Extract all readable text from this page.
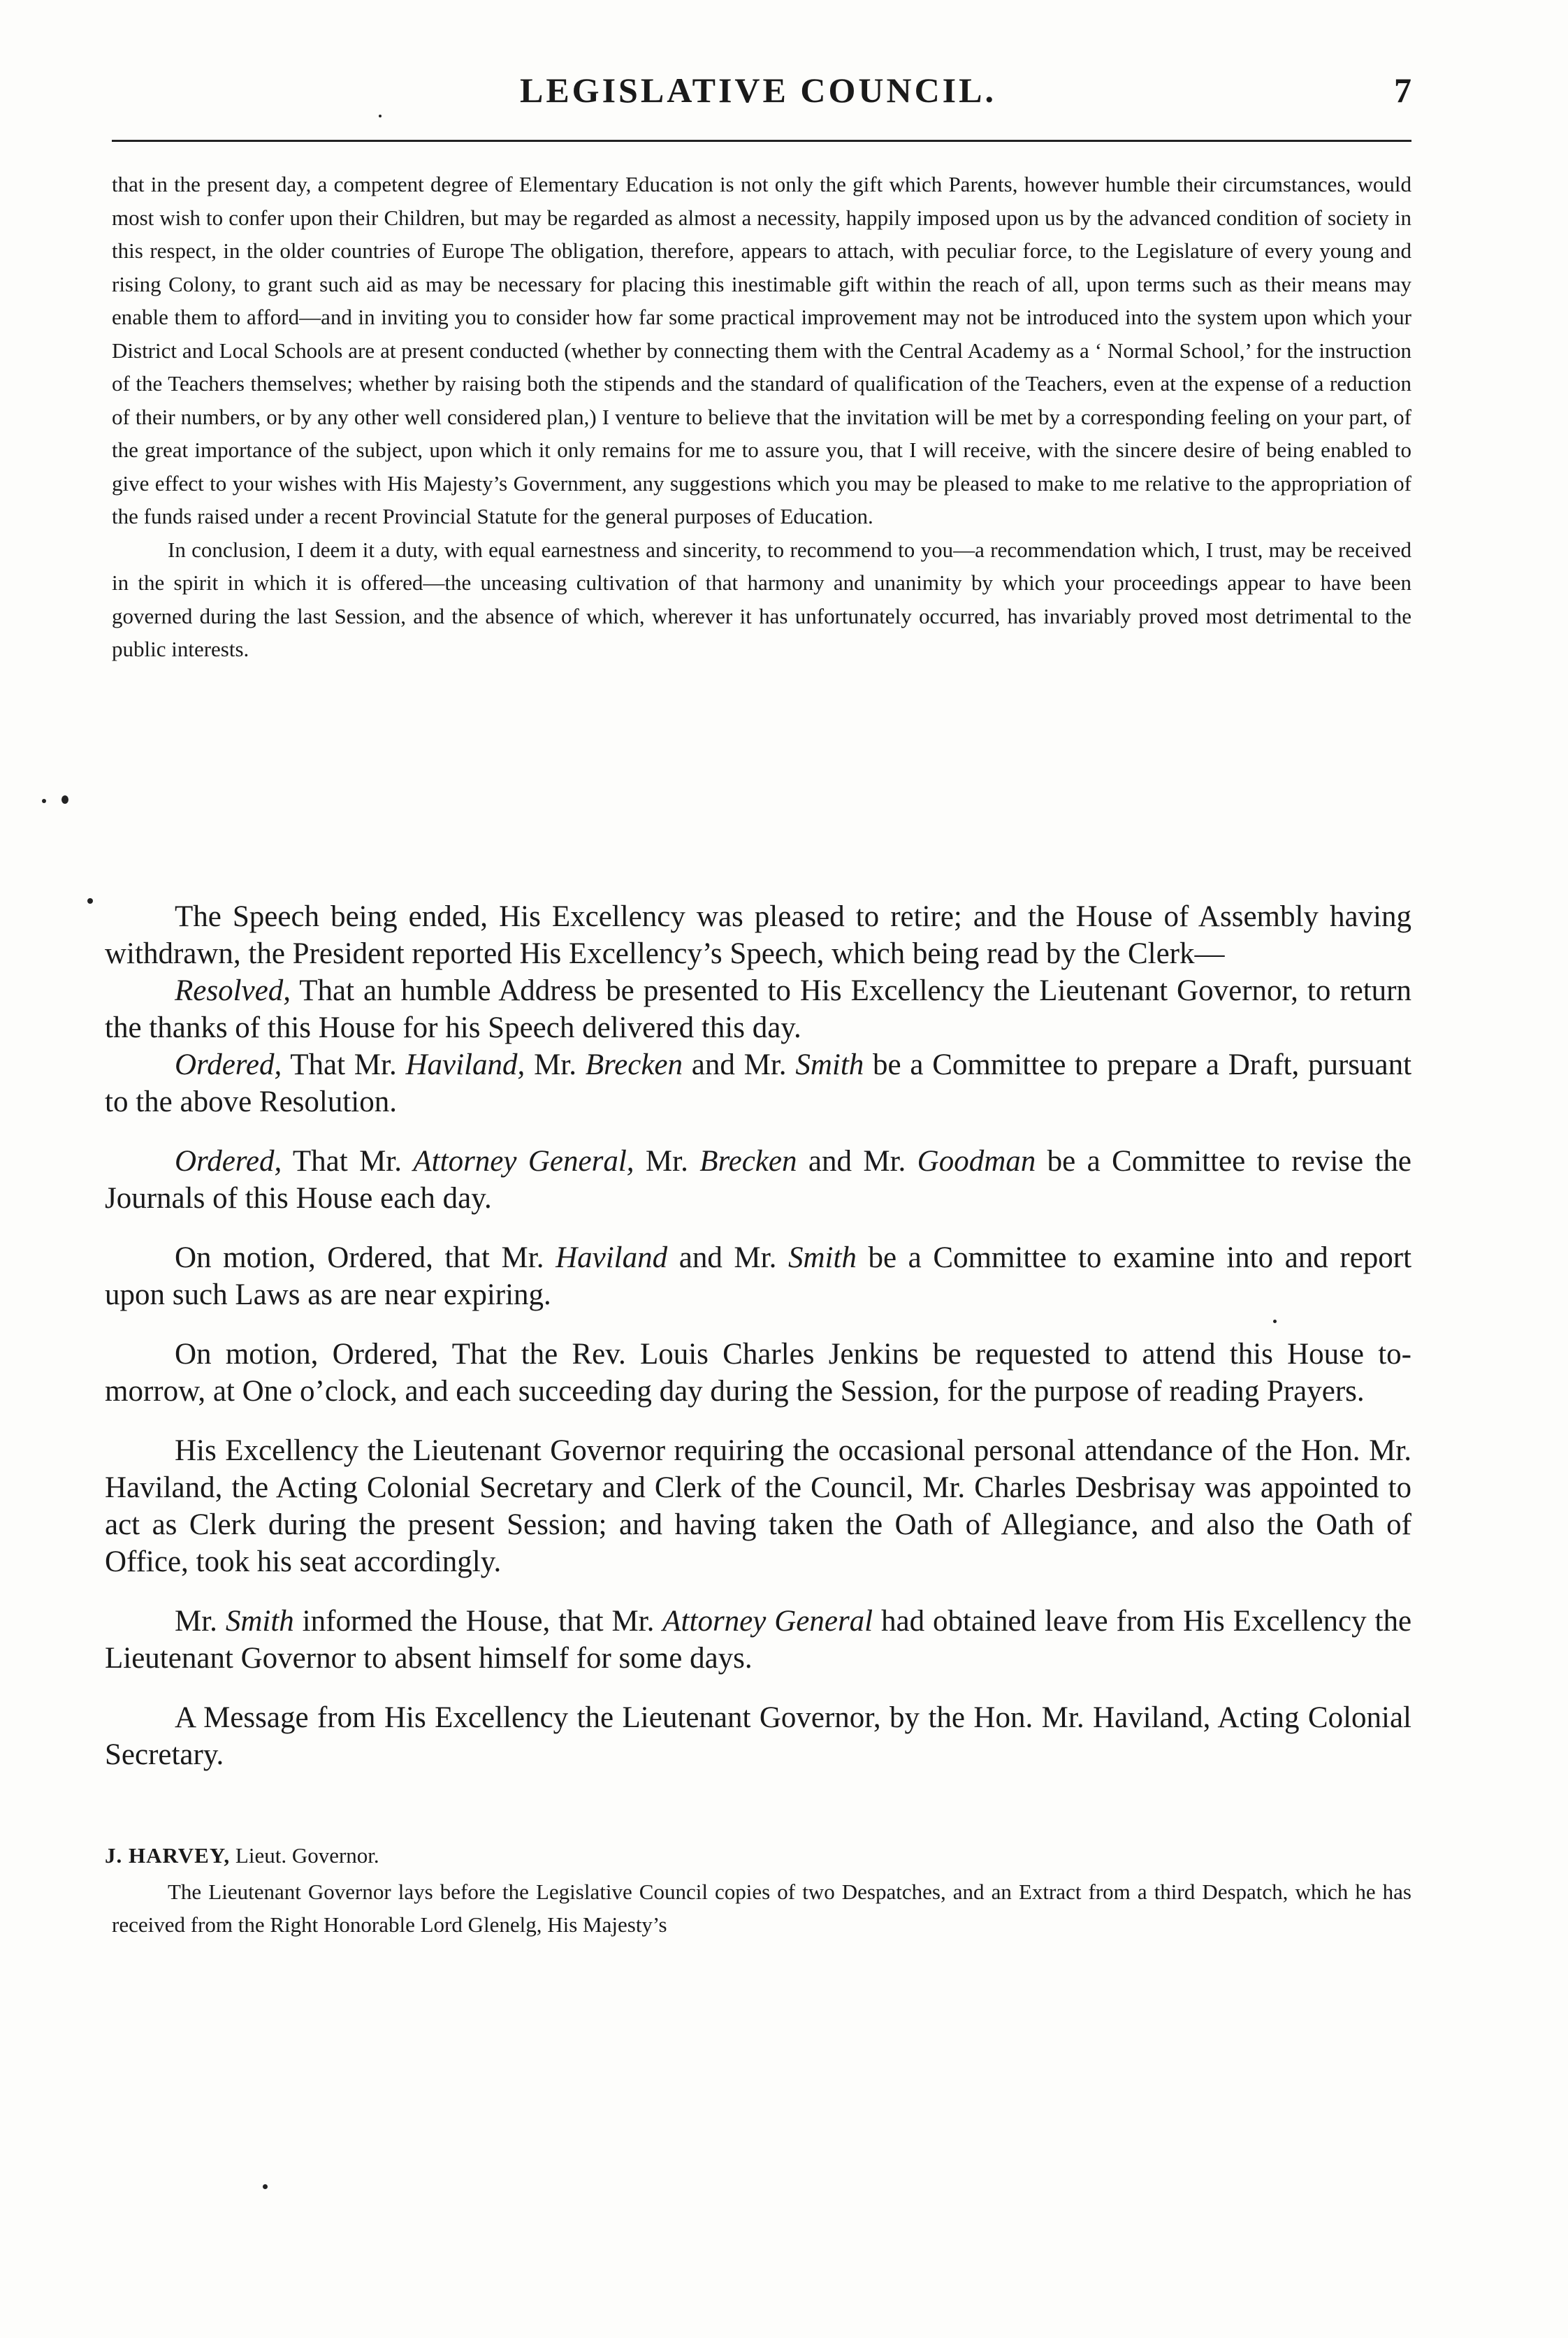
LEGISLATIVE COUNCIL.	7

that in the present day, a competent degree of Elementary Education is not only the gift which Parents, however humble their circumstances, would most wish to confer upon their Children, but may be regarded as almost a necessity, happily imposed upon us by the advanced condition of society in this respect, in the older countries of Europe The obligation, therefore, appears to attach, with peculiar force, to the Legislature of every young and rising Colony, to grant such aid as may be necessary for placing this inestimable gift within the reach of all, upon terms such as their means may enable them to afford—and in inviting you to consider how far some practical improvement may not be introduced into the system upon which your District and Local Schools are at present conducted (whether by connecting them with the Central Academy as a ‘ Normal School,’ for the instruction of the Teachers themselves; whether by raising both the stipends and the standard of qualification of the Teachers, even at the expense of a reduction of their numbers, or by any other well considered plan,) I venture to believe that the invitation will be met by a corresponding feeling on your part, of the great importance of the subject, upon which it only remains for me to assure you, that I will receive, with the sincere desire of being enabled to give effect to your wishes with His Majesty’s Government, any suggestions which you may be pleased to make to me relative to the appropriation of the funds raised under a recent Provincial Statute for the general purposes of Education.

In conclusion, I deem it a duty, with equal earnestness and sincerity, to recommend to you—a recommendation which, I trust, may be received in the spirit in which it is offered—the unceasing cultivation of that harmony and unanimity by which your proceedings appear to have been governed during the last Session, and the absence of which, wherever it has unfortunately occurred, has invariably proved most detrimental to the public interests.

The Speech being ended, His Excellency was pleased to retire; and the House of Assembly having withdrawn, the President reported His Excellency’s Speech, which being read by the Clerk—

Resolved, That an humble Address be presented to His Excellency the Lieutenant Governor, to return the thanks of this House for his Speech delivered this day.

Ordered, That Mr. Haviland, Mr. Brecken and Mr. Smith be a Committee to prepare a Draft, pursuant to the above Resolution.

Ordered, That Mr. Attorney General, Mr. Brecken and Mr. Goodman be a Committee to revise the Journals of this House each day.

On motion, Ordered, that Mr. Haviland and Mr. Smith be a Committee to examine into and report upon such Laws as are near expiring.

On motion, Ordered, That the Rev. Louis Charles Jenkins be requested to attend this House to-morrow, at One o’clock, and each succeeding day during the Session, for the purpose of reading Prayers.

His Excellency the Lieutenant Governor requiring the occasional personal attendance of the Hon. Mr. Haviland, the Acting Colonial Secretary and Clerk of the Council, Mr. Charles Desbrisay was appointed to act as Clerk during the present Session; and having taken the Oath of Allegiance, and also the Oath of Office, took his seat accordingly.

Mr. Smith informed the House, that Mr. Attorney General had obtained leave from His Excellency the Lieutenant Governor to absent himself for some days.

A Message from His Excellency the Lieutenant Governor, by the Hon. Mr. Haviland, Acting Colonial Secretary.

J. HARVEY, Lieut. Governor.

The Lieutenant Governor lays before the Legislative Council copies of two Despatches, and an Extract from a third Despatch, which he has received from the Right Honorable Lord Glenelg, His Majesty’s
